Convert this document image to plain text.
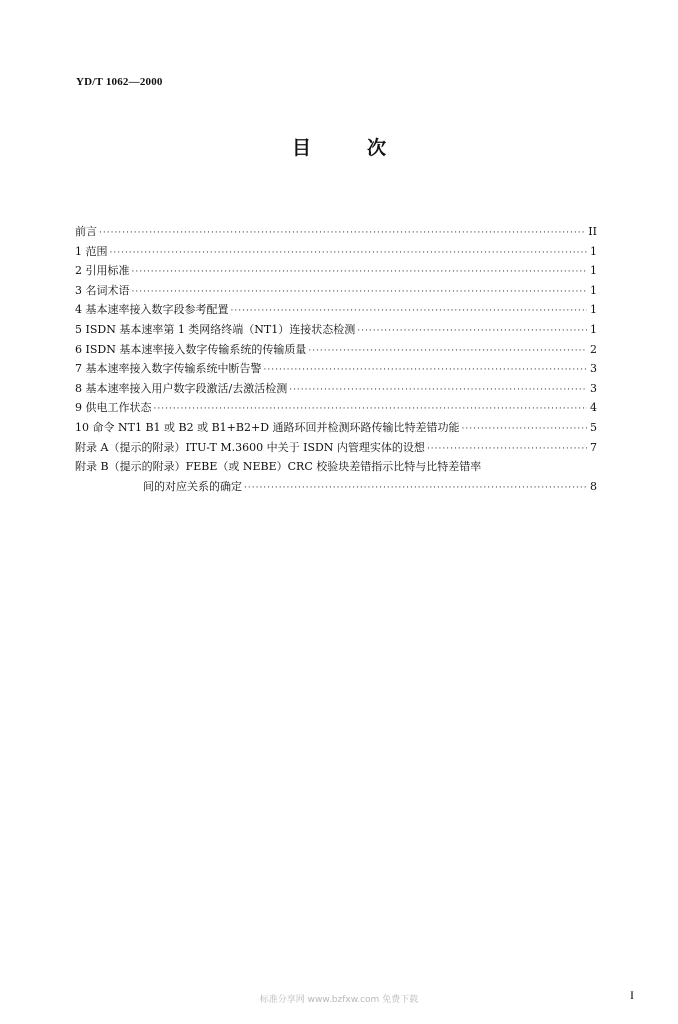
YD/T 1062—2000
目	次
前言 ·····	II
1 范围 ·····	1
2 引用标准 ·····	1
3 名词术语 ·····	1
4 基本速率接入数字段参考配置 ·····	1
5 ISDN 基本速率第 1 类网络终端（NT1）连接状态检测 ·····	1
6 ISDN 基本速率接入数字传输系统的传输质量 ·····	2
7 基本速率接入数字传输系统中断告警 ·····	3
8 基本速率接入用户数字段激活/去激活检测 ·····	3
9 供电工作状态 ·····	4
10 命令 NT1 B1 或 B2 或 B1+B2+D 通路环回并检测环路传输比特差错功能 ·····	5
附录 A（提示的附录）ITU-T M.3600 中关于 ISDN 内管理实体的设想 ·····	7
附录 B（提示的附录）FEBE（或 NEBE）CRC 校验块差错指示比特与比特差错率
间的对应关系的确定 ·····	8
标准分享网 www.bzfxw.com 免费下载	I
